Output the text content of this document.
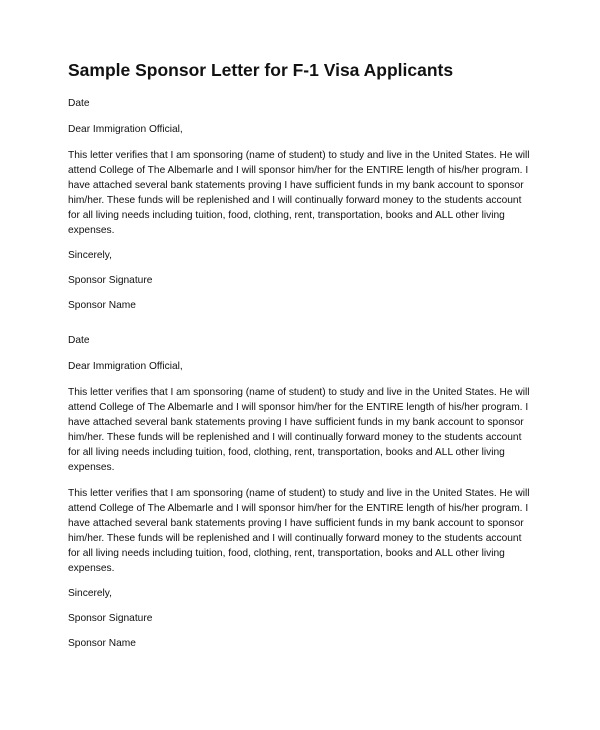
Sample Sponsor Letter for F-1 Visa Applicants
Date
Dear Immigration Official,
This letter verifies that I am sponsoring (name of student) to study and live in the United States. He will
attend College of The Albemarle and I will sponsor him/her for the ENTIRE length of his/her program. I
have attached several bank statements proving I have sufficient funds in my bank account to sponsor
him/her. These funds will be replenished and I will continually forward money to the students account
for all living needs including tuition, food, clothing, rent, transportation, books and ALL other living
expenses.
Sincerely,
Sponsor Signature
Sponsor Name
Date
Dear Immigration Official,
This letter verifies that I am sponsoring (name of student) to study and live in the United States. He will
attend College of The Albemarle and I will sponsor him/her for the ENTIRE length of his/her program. I
have attached several bank statements proving I have sufficient funds in my bank account to sponsor
him/her. These funds will be replenished and I will continually forward money to the students account
for all living needs including tuition, food, clothing, rent, transportation, books and ALL other living
expenses.
This letter verifies that I am sponsoring (name of student) to study and live in the United States. He will
attend College of The Albemarle and I will sponsor him/her for the ENTIRE length of his/her program. I
have attached several bank statements proving I have sufficient funds in my bank account to sponsor
him/her. These funds will be replenished and I will continually forward money to the students account
for all living needs including tuition, food, clothing, rent, transportation, books and ALL other living
expenses.
Sincerely,
Sponsor Signature
Sponsor Name
